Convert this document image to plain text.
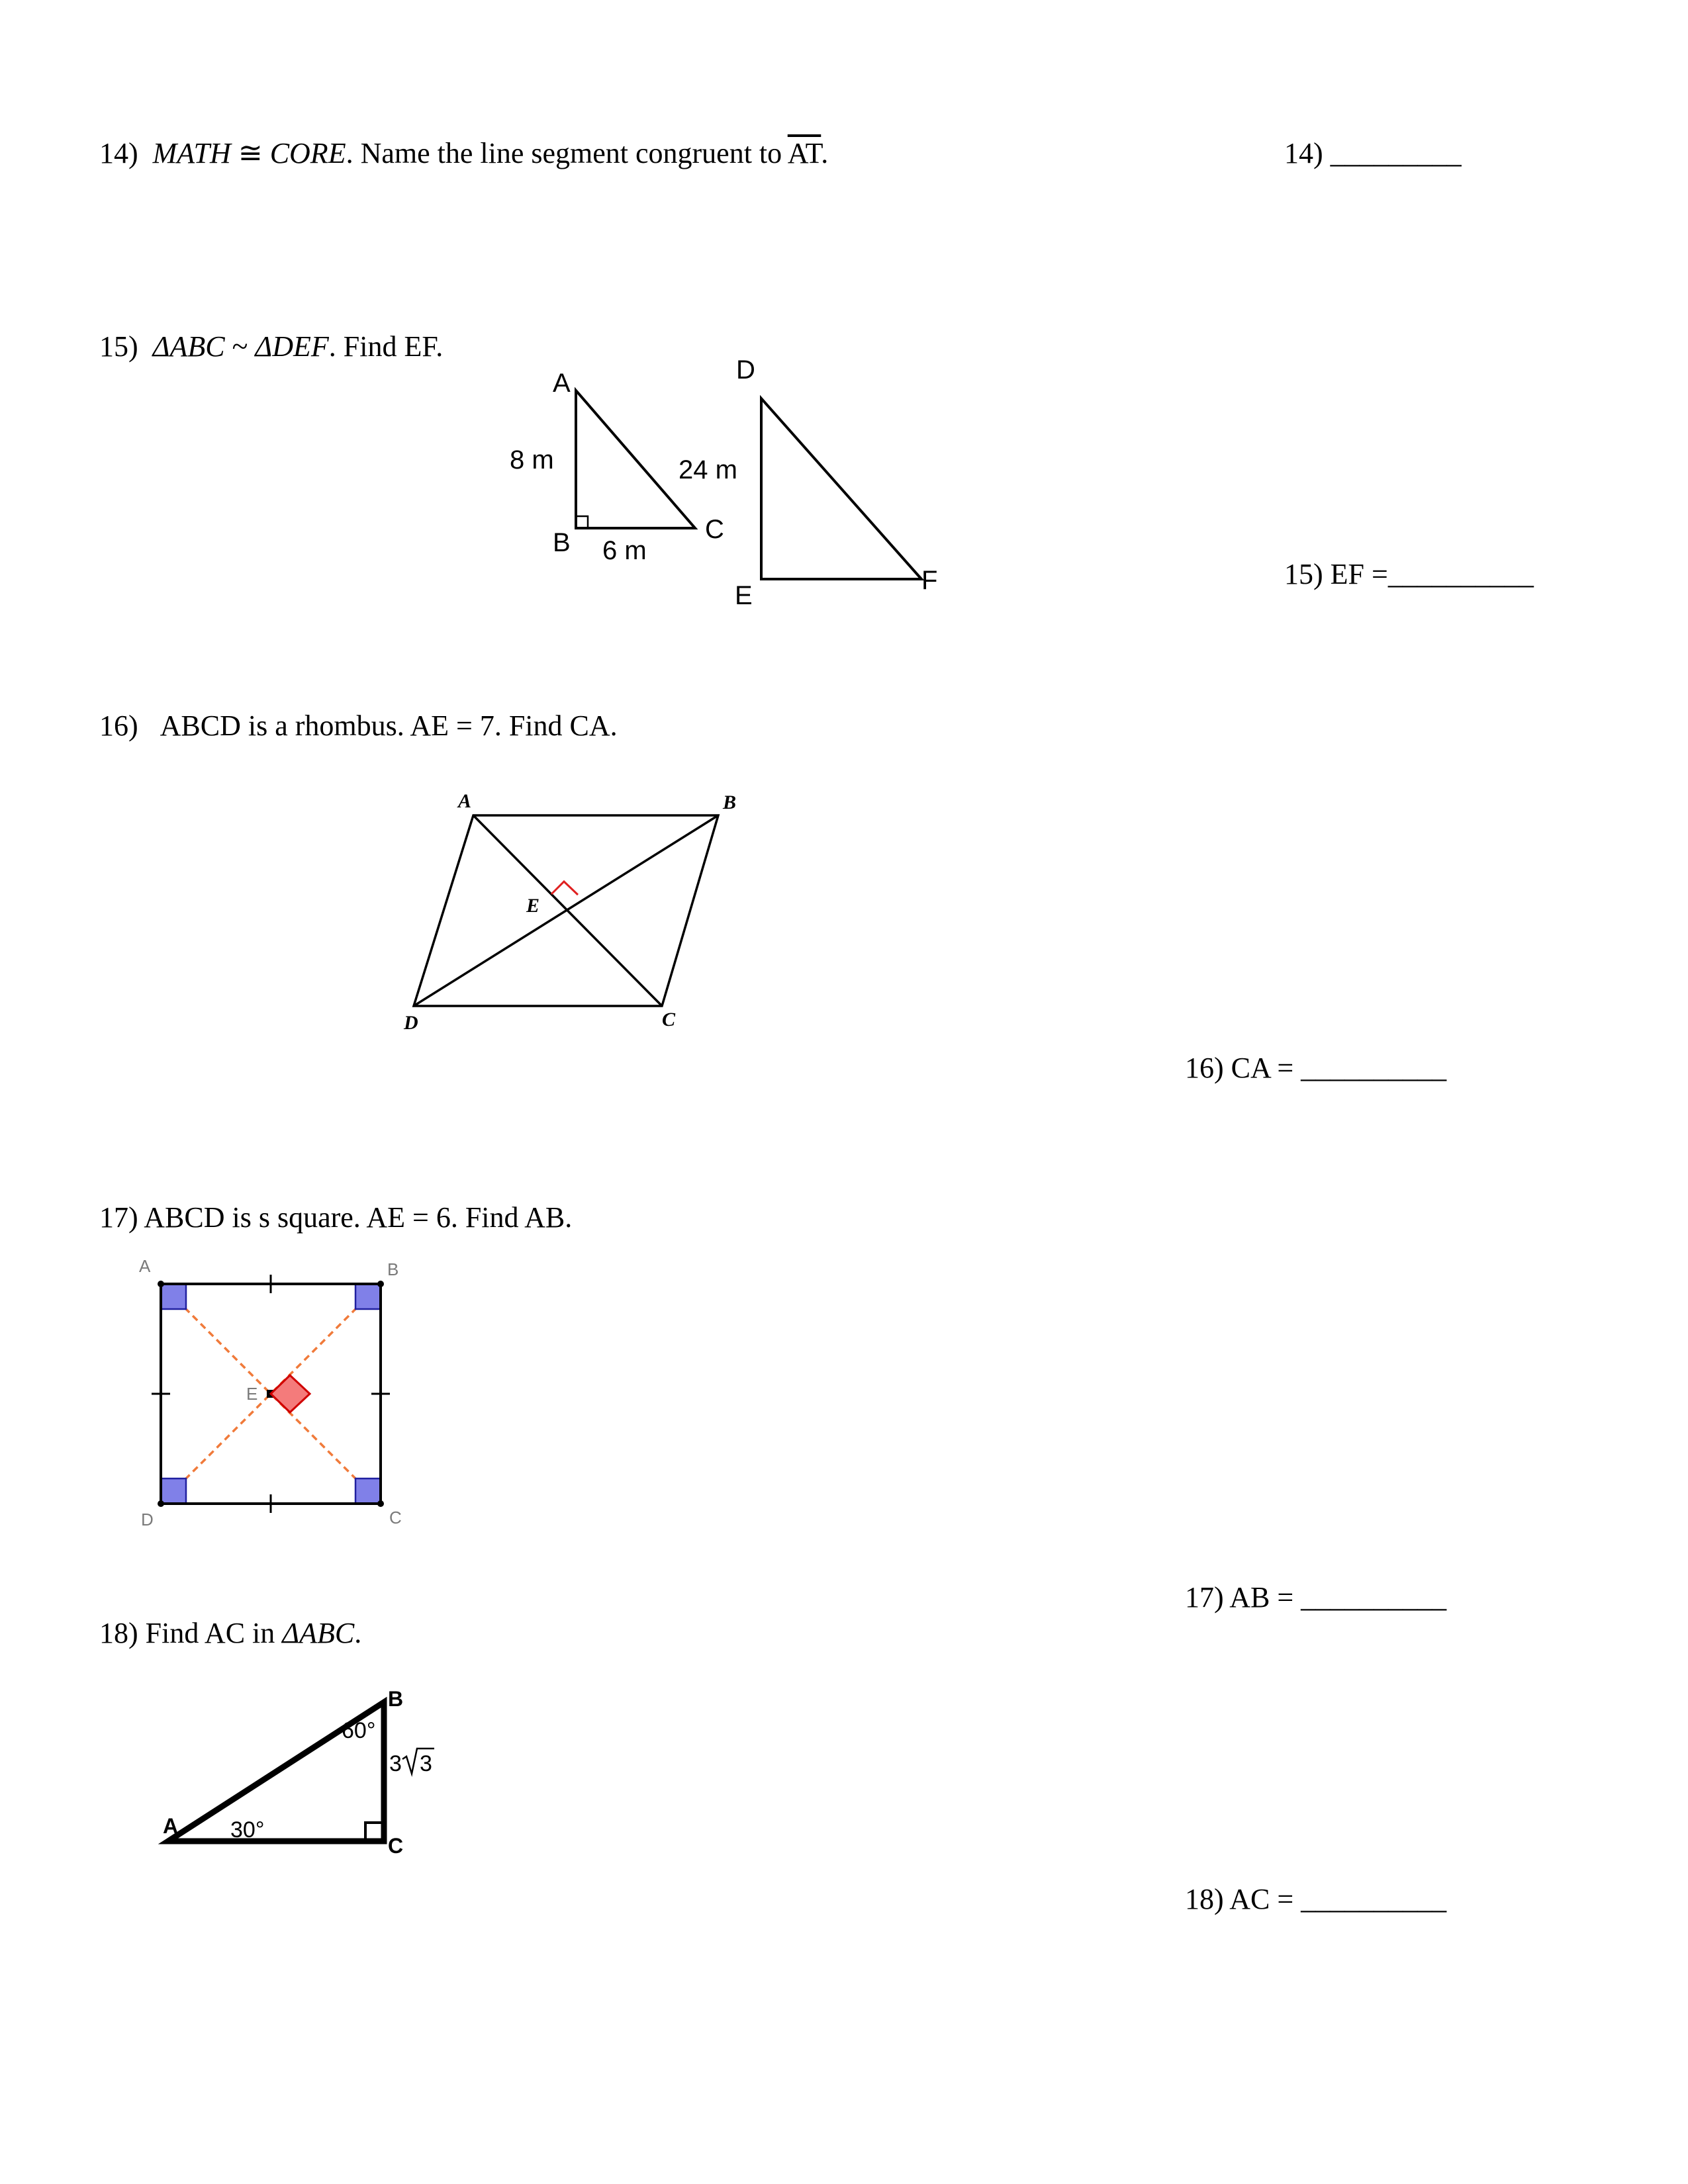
14) MATH ≅ CORE. Name the line segment congruent to $\overline{AT}$.	14) _________
15) ΔABC ~ ΔDEF. Find EF.
A
B	C
8 m
6 m
D
E
F
24 m
15) EF =__________
16) ABCD is a rhombus. AE = 7. Find CA.
A	B
C
D
E
16) CA = __________
17) ABCD is s square. AE = 6. Find AB.
A	B
C
D
E
17) AB = __________
18) Find AC in ΔABC.
A
B
C
60°
30°
3 3
18) AC = __________
